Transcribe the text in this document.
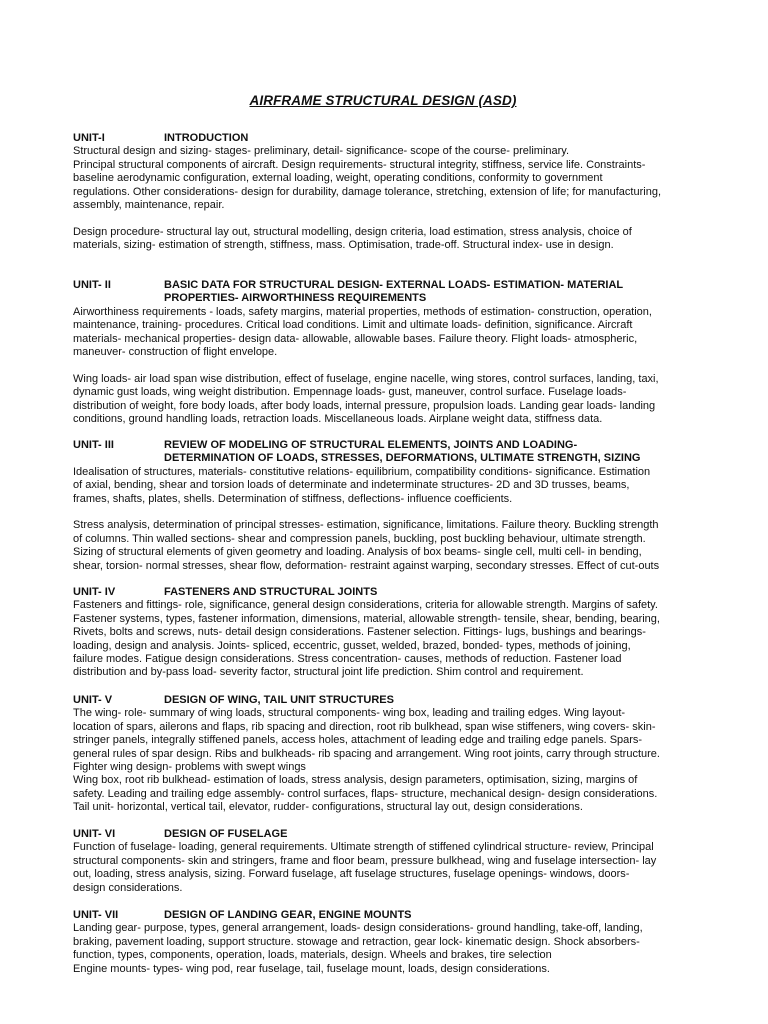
AIRFRAME STRUCTURAL DESIGN (ASD)
UNIT-I	INTRODUCTION

Structural design and sizing- stages- preliminary, detail- significance- scope of the course- preliminary.
Principal structural components of aircraft. Design requirements- structural integrity, stiffness, service life. Constraints-
baseline aerodynamic configuration, external loading, weight, operating conditions, conformity to government
regulations. Other considerations- design for durability, damage tolerance, stretching, extension of life; for manufacturing,
assembly, maintenance, repair.

Design procedure- structural lay out, structural modelling, design criteria, load estimation, stress analysis, choice of
materials, sizing- estimation of strength, stiffness, mass. Optimisation, trade-off. Structural index- use in design.

UNIT- II	BASIC DATA FOR STRUCTURAL DESIGN- EXTERNAL LOADS- ESTIMATION- MATERIAL
PROPERTIES- AIRWORTHINESS REQUIREMENTS

Airworthiness requirements - loads, safety margins, material properties, methods of estimation- construction, operation,
maintenance, training- procedures. Critical load conditions. Limit and ultimate loads- definition, significance. Aircraft
materials- mechanical properties- design data- allowable, allowable bases. Failure theory. Flight loads- atmospheric,
maneuver- construction of flight envelope.

Wing loads- air load span wise distribution, effect of fuselage, engine nacelle, wing stores, control surfaces, landing, taxi,
dynamic gust loads, wing weight distribution. Empennage loads- gust, maneuver, control surface. Fuselage loads-
distribution of weight, fore body loads, after body loads, internal pressure, propulsion loads. Landing gear loads- landing
conditions, ground handling loads, retraction loads. Miscellaneous loads. Airplane weight data, stiffness data.

UNIT- III	REVIEW OF MODELING OF STRUCTURAL ELEMENTS, JOINTS AND LOADING-
DETERMINATION OF LOADS, STRESSES, DEFORMATIONS, ULTIMATE STRENGTH, SIZING

Idealisation of structures, materials- constitutive relations- equilibrium, compatibility conditions- significance. Estimation
of axial, bending, shear and torsion loads of determinate and indeterminate structures- 2D and 3D trusses, beams,
frames, shafts, plates, shells. Determination of stiffness, deflections- influence coefficients.

Stress analysis, determination of principal stresses- estimation, significance, limitations. Failure theory. Buckling strength
of columns. Thin walled sections- shear and compression panels, buckling, post buckling behaviour, ultimate strength.
Sizing of structural elements of given geometry and loading. Analysis of box beams- single cell, multi cell- in bending,
shear, torsion- normal stresses, shear flow, deformation- restraint against warping, secondary stresses. Effect of cut-outs

UNIT- IV	FASTENERS AND STRUCTURAL JOINTS

Fasteners and fittings- role, significance, general design considerations, criteria for allowable strength. Margins of safety.
Fastener systems, types, fastener information, dimensions, material, allowable strength- tensile, shear, bending, bearing,
Rivets, bolts and screws, nuts- detail design considerations. Fastener selection. Fittings- lugs, bushings and bearings-
loading, design and analysis. Joints- spliced, eccentric, gusset, welded, brazed, bonded- types, methods of joining,
failure modes. Fatigue design considerations. Stress concentration- causes, methods of reduction. Fastener load
distribution and by-pass load- severity factor, structural joint life prediction. Shim control and requirement.

UNIT- V	DESIGN OF WING, TAIL UNIT STRUCTURES

The wing- role- summary of wing loads, structural components- wing box, leading and trailing edges. Wing layout-
location of spars, ailerons and flaps, rib spacing and direction, root rib bulkhead, span wise stiffeners, wing covers- skin-
stringer panels, integrally stiffened panels, access holes, attachment of leading edge and trailing edge panels. Spars-
general rules of spar design. Ribs and bulkheads- rib spacing and arrangement. Wing root joints, carry through structure.
Fighter wing design- problems with swept wings
Wing box, root rib bulkhead- estimation of loads, stress analysis, design parameters, optimisation, sizing, margins of
safety. Leading and trailing edge assembly- control surfaces, flaps- structure, mechanical design- design considerations.
Tail unit- horizontal, vertical tail, elevator, rudder- configurations, structural lay out, design considerations.

UNIT- VI	DESIGN OF FUSELAGE

Function of fuselage- loading, general requirements. Ultimate strength of stiffened cylindrical structure- review, Principal
structural components- skin and stringers, frame and floor beam, pressure bulkhead, wing and fuselage intersection- lay
out, loading, stress analysis, sizing. Forward fuselage, aft fuselage structures, fuselage openings- windows, doors-
design considerations.

UNIT- VII	DESIGN OF LANDING GEAR, ENGINE MOUNTS

Landing gear- purpose, types, general arrangement, loads- design considerations- ground handling, take-off, landing,
braking, pavement loading, support structure. stowage and retraction, gear lock- kinematic design. Shock absorbers-
function, types, components, operation, loads, materials, design. Wheels and brakes, tire selection
Engine mounts- types- wing pod, rear fuselage, tail, fuselage mount, loads, design considerations.
